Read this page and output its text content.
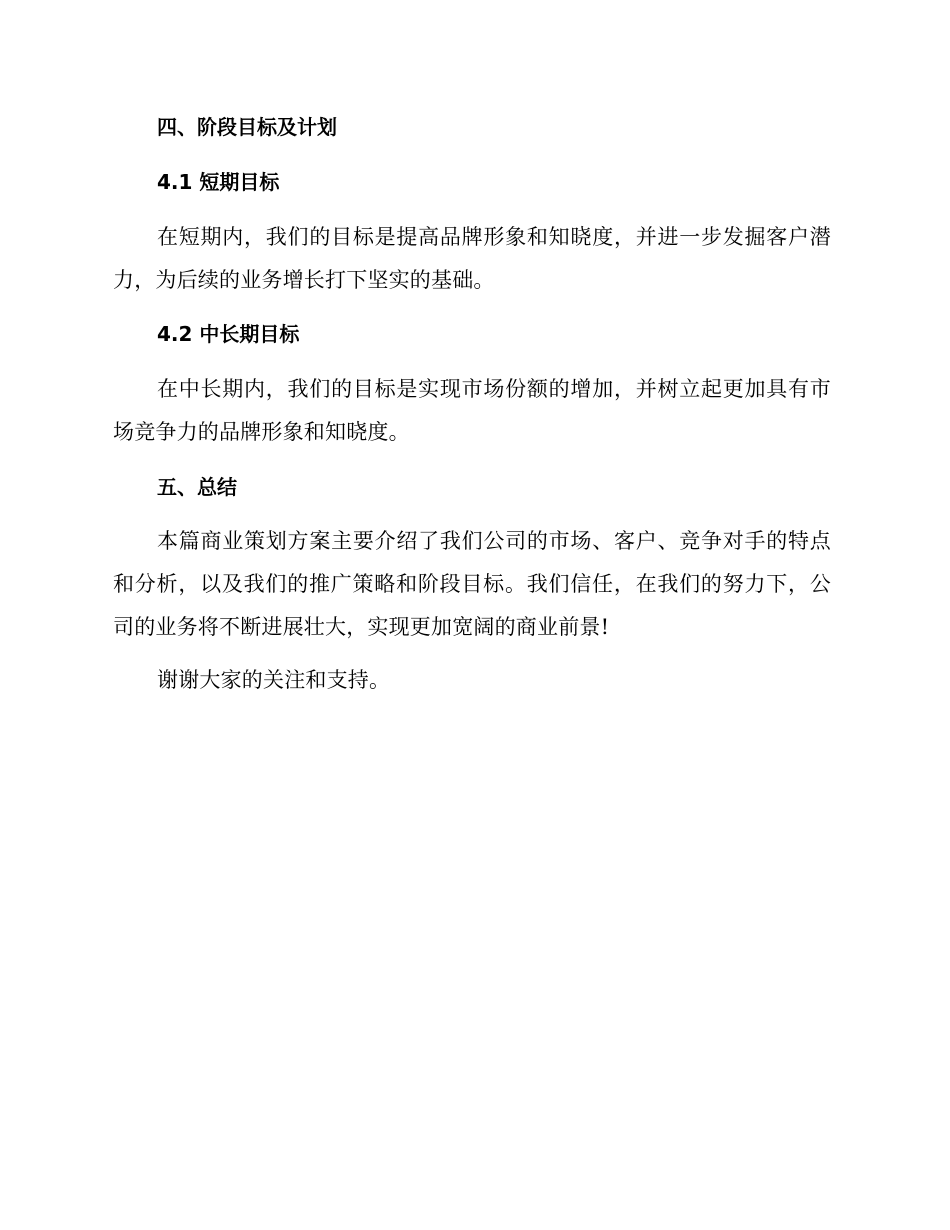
四、阶段目标及计划
4.1 短期目标

在短期内，我们的目标是提高品牌形象和知晓度，并进一步发掘客户潜力，为后续的业务增长打下坚实的基础。

4.2 中长期目标

在中长期内，我们的目标是实现市场份额的增加，并树立起更加具有市场竞争力的品牌形象和知晓度。

五、总结

本篇商业策划方案主要介绍了我们公司的市场、客户、竞争对手的特点和分析，以及我们的推广策略和阶段目标。我们信任，在我们的努力下，公司的业务将不断进展壮大，实现更加宽阔的商业前景!

谢谢大家的关注和支持。
